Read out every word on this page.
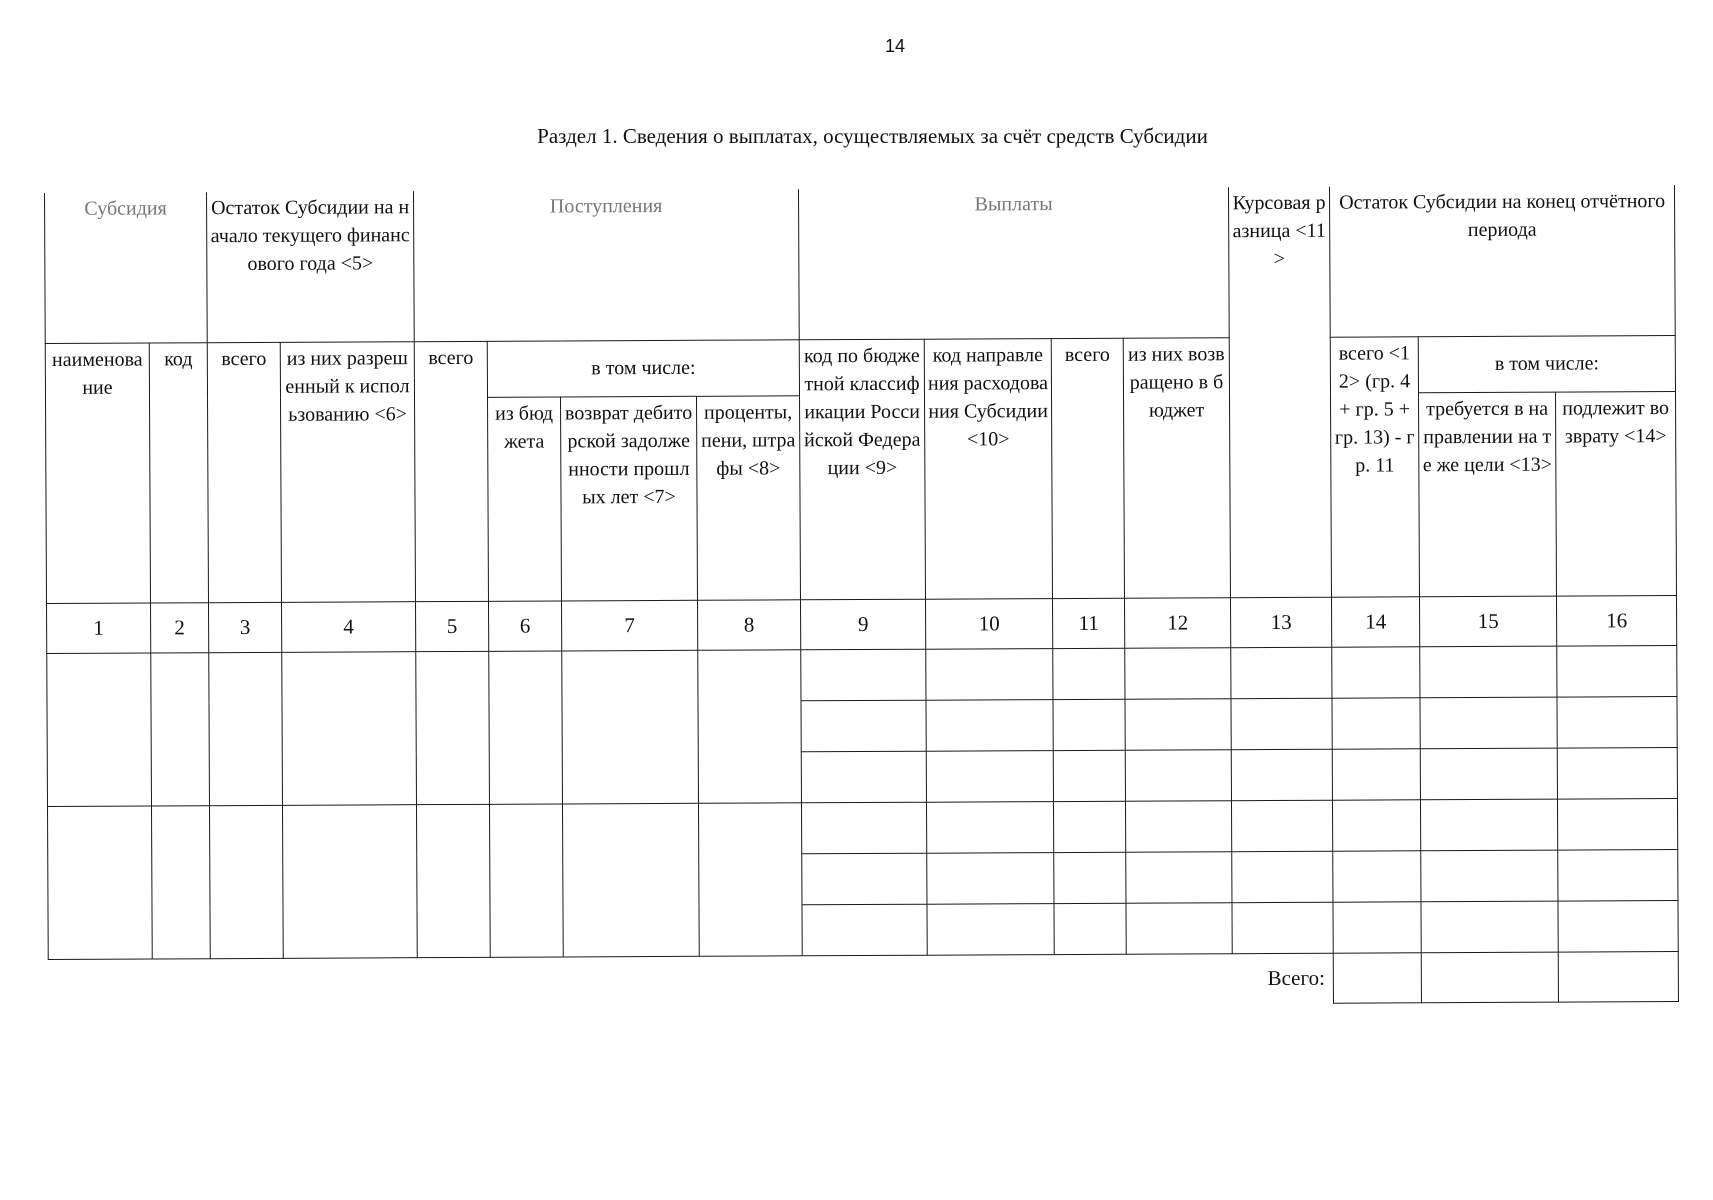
14
Раздел 1. Сведения о выплатах, осуществляемых за счёт средств Субсидии
Субсидия		Остаток Субсидии на начало текущего финансового года <5>		Поступления				Выплаты				Курсовая разница <11>	Остаток Субсидии на конец отчётного периода		
наименование	код	всего	из них разрешенный к использованию <6>	всего	в том числе:			код по бюджетной классификации Российской Федерации <9>	код направления расходования Субсидии <10>	всего	из них возвращено в бюджет		всего <12> (гр. 4 + гр. 5 + гр. 13) - гр. 11	в том числе:	
					из бюджета	возврат дебиторской задолженности прошлых лет <7>	проценты, пени, штрафы <8>							требуется в направлении на те же цели <13>	подлежит возврату <14>
1	2	3	4	5	6	7	8	9	10	11	12	13	14	15	16

												Всего:			
